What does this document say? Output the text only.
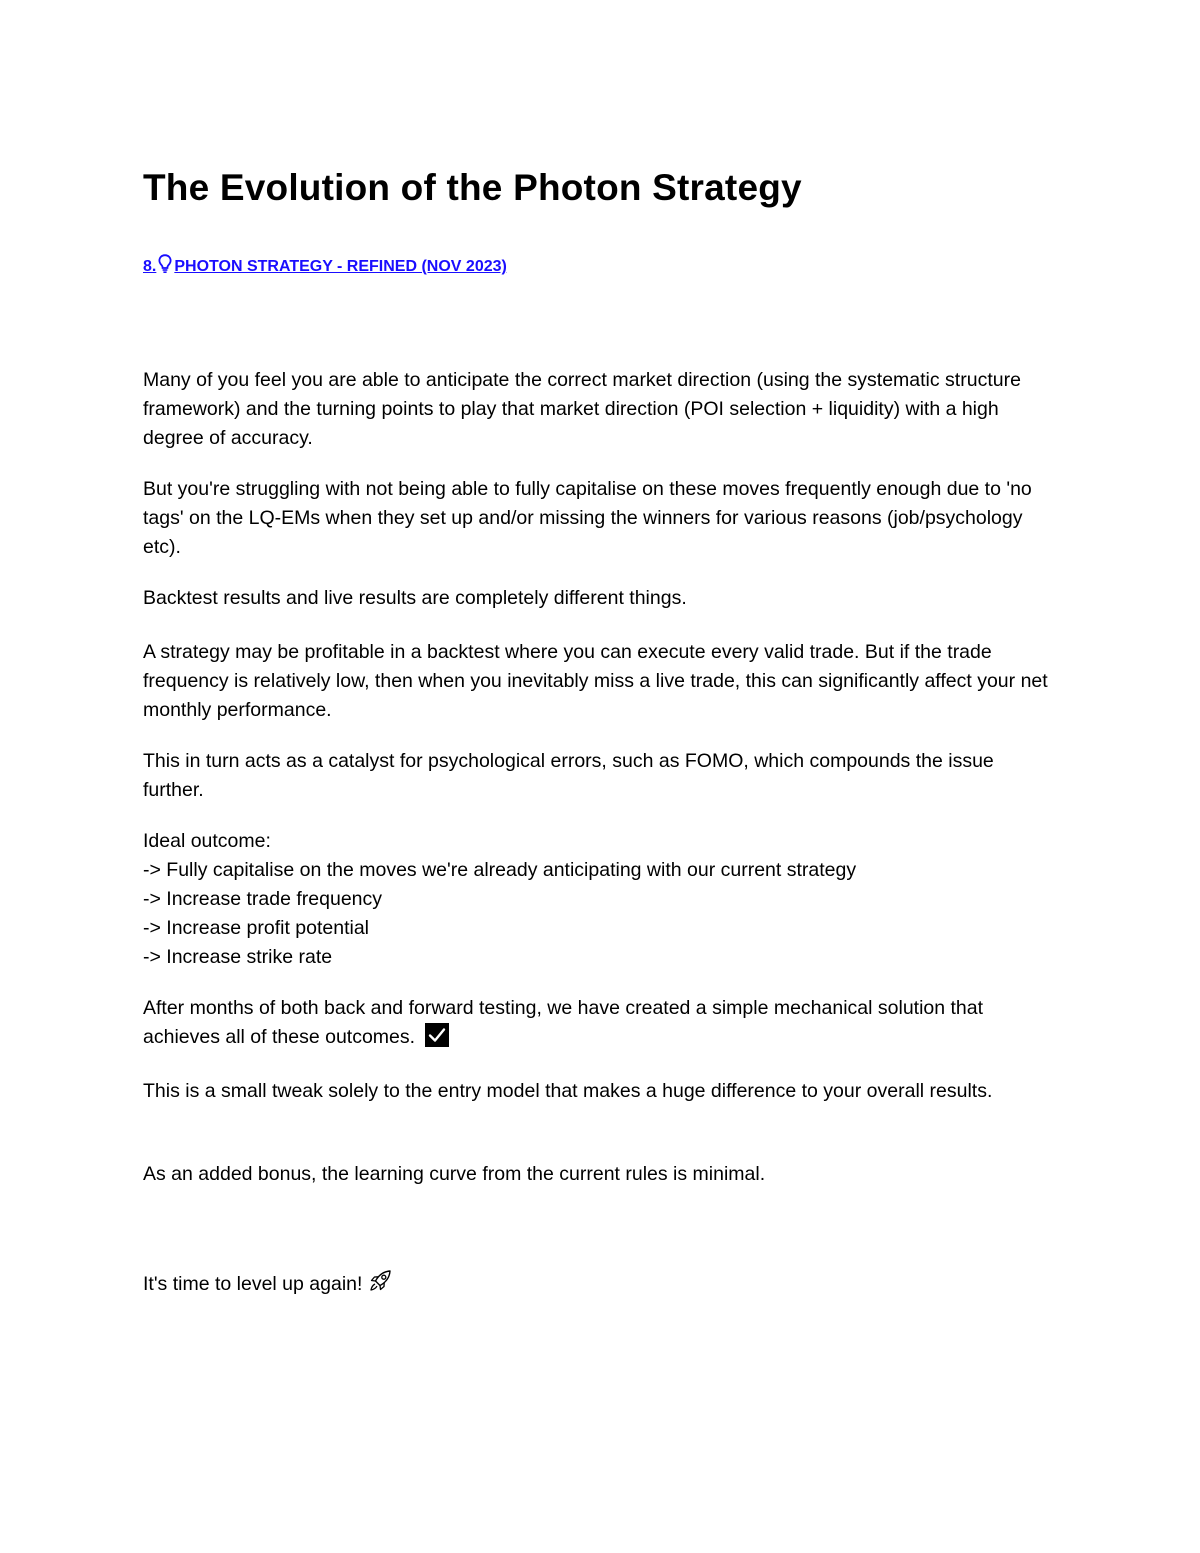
The Evolution of the Photon Strategy
8. PHOTON STRATEGY - REFINED (NOV 2023)

Many of you feel you are able to anticipate the correct market direction (using the systematic structure framework) and the turning points to play that market direction (POI selection + liquidity) with a high degree of accuracy.

But you're struggling with not being able to fully capitalise on these moves frequently enough due to 'no tags' on the LQ-EMs when they set up and/or missing the winners for various reasons (job/psychology etc).

Backtest results and live results are completely different things.

A strategy may be profitable in a backtest where you can execute every valid trade. But if the trade frequency is relatively low, then when you inevitably miss a live trade, this can significantly affect your net monthly performance.

This in turn acts as a catalyst for psychological errors, such as FOMO, which compounds the issue further.

Ideal outcome:
-> Fully capitalise on the moves we're already anticipating with our current strategy
-> Increase trade frequency
-> Increase profit potential
-> Increase strike rate

After months of both back and forward testing, we have created a simple mechanical solution that achieves all of these outcomes.

This is a small tweak solely to the entry model that makes a huge difference to your overall results.

As an added bonus, the learning curve from the current rules is minimal.

It's time to level up again!
